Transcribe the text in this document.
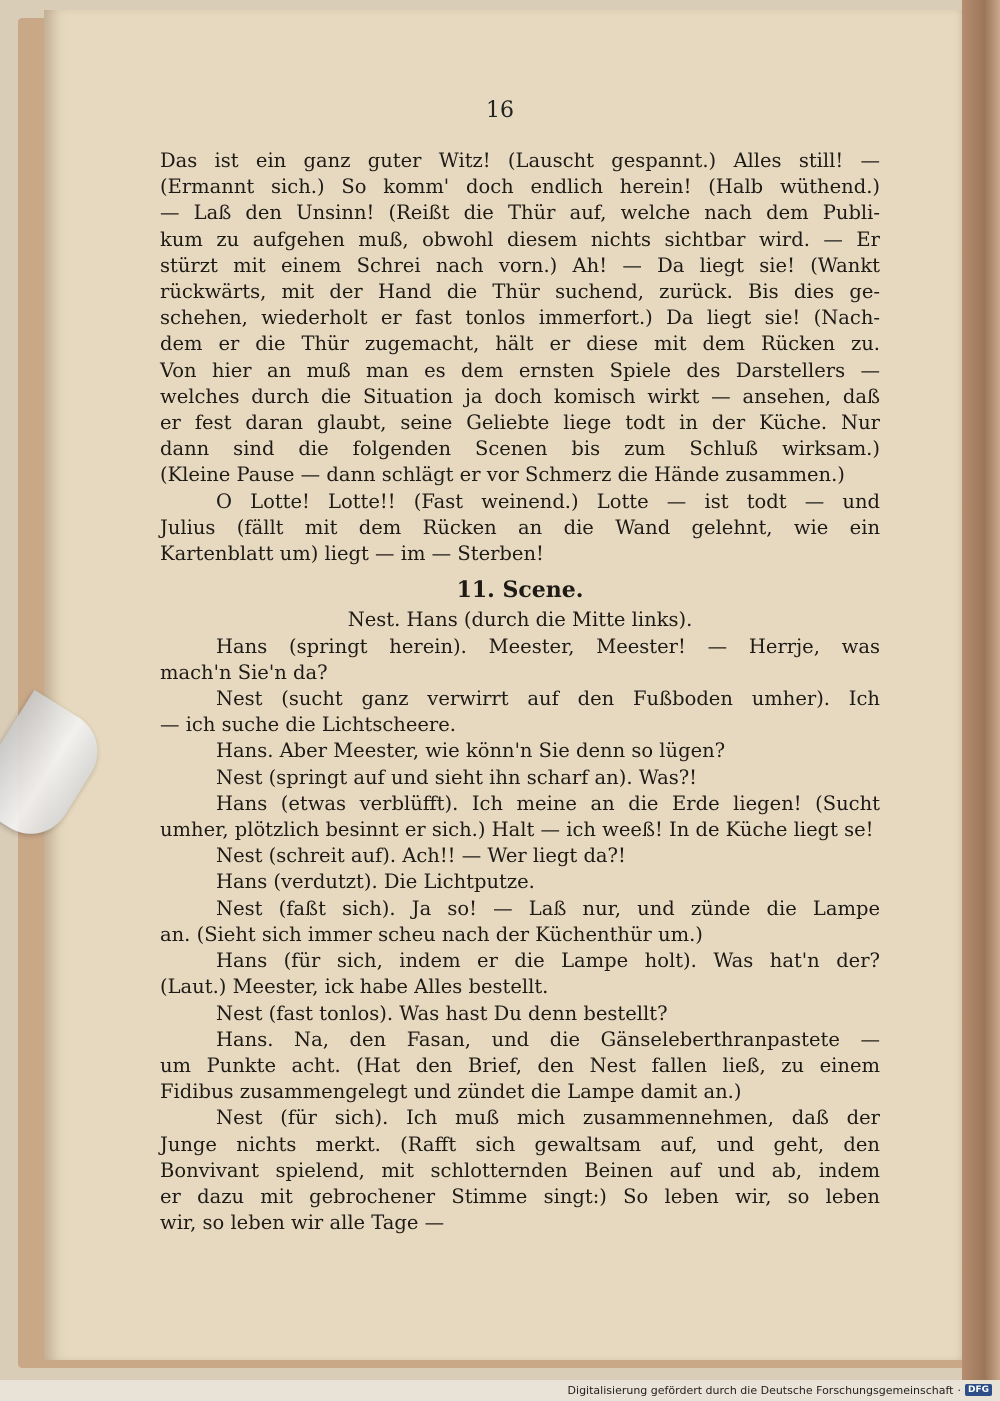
16
Das ist ein ganz guter Witz! (Lauscht gespannt.) Alles still! —
(Ermannt sich.) So komm' doch endlich herein! (Halb wüthend.)
— Laß den Unsinn! (Reißt die Thür auf, welche nach dem Publi-
kum zu aufgehen muß, obwohl diesem nichts sichtbar wird. — Er
stürzt mit einem Schrei nach vorn.) Ah! — Da liegt sie! (Wankt
rückwärts, mit der Hand die Thür suchend, zurück. Bis dies ge-
schehen, wiederholt er fast tonlos immerfort.) Da liegt sie! (Nach-
dem er die Thür zugemacht, hält er diese mit dem Rücken zu.
Von hier an muß man es dem ernsten Spiele des Darstellers —
welches durch die Situation ja doch komisch wirkt — ansehen, daß
er fest daran glaubt, seine Geliebte liege todt in der Küche. Nur
dann sind die folgenden Scenen bis zum Schluß wirksam.)
(Kleine Pause — dann schlägt er vor Schmerz die Hände zusammen.)
O Lotte! Lotte!! (Fast weinend.) Lotte — ist todt — und
Julius (fällt mit dem Rücken an die Wand gelehnt, wie ein
Kartenblatt um) liegt — im — Sterben!
11. Scene.
Nest. Hans (durch die Mitte links).
Hans (springt herein). Meester, Meester! — Herrje, was
mach'n Sie'n da?
Nest (sucht ganz verwirrt auf den Fußboden umher). Ich
— ich suche die Lichtscheere.
Hans. Aber Meester, wie könn'n Sie denn so lügen?
Nest (springt auf und sieht ihn scharf an). Was?!
Hans (etwas verblüfft). Ich meine an die Erde liegen! (Sucht
umher, plötzlich besinnt er sich.) Halt — ich weeß! In de Küche liegt se!
Nest (schreit auf). Ach!! — Wer liegt da?!
Hans (verdutzt). Die Lichtputze.
Nest (faßt sich). Ja so! — Laß nur, und zünde die Lampe
an. (Sieht sich immer scheu nach der Küchenthür um.)
Hans (für sich, indem er die Lampe holt). Was hat'n der?
(Laut.) Meester, ick habe Alles bestellt.
Nest (fast tonlos). Was hast Du denn bestellt?
Hans. Na, den Fasan, und die Gänseleberthranpastete —
um Punkte acht. (Hat den Brief, den Nest fallen ließ, zu einem
Fidibus zusammengelegt und zündet die Lampe damit an.)
Nest (für sich). Ich muß mich zusammennehmen, daß der
Junge nichts merkt. (Rafft sich gewaltsam auf, und geht, den
Bonvivant spielend, mit schlotternden Beinen auf und ab, indem
er dazu mit gebrochener Stimme singt:) So leben wir, so leben
wir, so leben wir alle Tage —
Digitalisierung gefördert durch die Deutsche Forschungsgemeinschaft · DFG
